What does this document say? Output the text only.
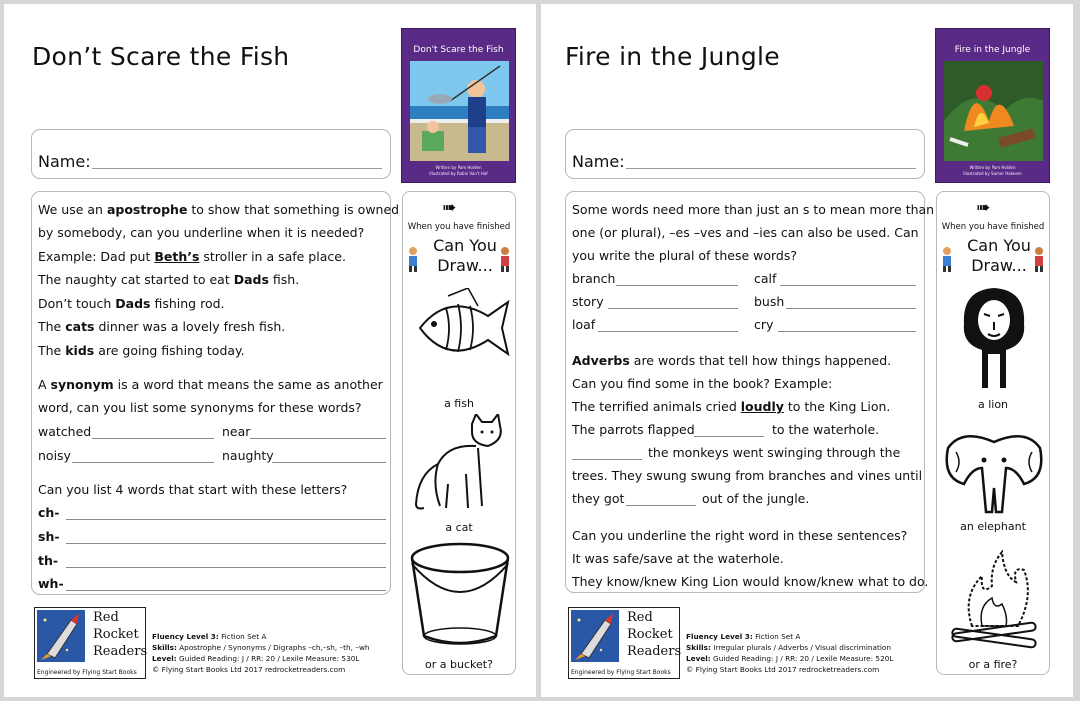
Don’t Scare the Fish	Don't Scare the Fish
Written by Pam Holden
Illustrated by Robin Van't Hof
Name:
We use an apostrophe to show that something is owned
by somebody, can you underline when it is needed?
Example: Dad put Beth’s stroller in a safe place.
The naughty cat started to eat Dads fish.
Don’t touch Dads fishing rod.
The cats dinner was a lovely fresh fish.
The kids are going fishing today.
A synonym is a word that means the same as another
word, can you list some synonyms for these words?
watched	near
noisy	naughty
Can you list 4 words that start with these letters?
ch-
sh-
th-
wh-
➠
When you have finished
Can You
Draw...
a fish
a cat
or a bucket?
Red
Rocket
Readers
Engineered by Flying Start Books
Fluency Level 3: Fiction Set A
Skills: Apostrophe / Synonyms / Digraphs –ch,–sh, –th, –wh
Level: Guided Reading: J / RR: 20 / Lexile Measure: 530L
© Flying Start Books Ltd 2017 redrocketreaders.com
Fire in the Jungle	Fire in the Jungle
Written by Pam Holden
Illustrated by Samer Hakeem
Name:
Some words need more than just an s to mean more than
one (or plural), –es –ves and –ies can also be used. Can
you write the plural of these words?
branch	calf
story	bush
loaf	cry
Adverbs are words that tell how things happened.
Can you find some in the book? Example:
The terrified animals cried loudly to the King Lion.
The parrots flapped	to the waterhole.
the monkeys went swinging through the
trees. They swung swung from branches and vines until
they got	out of the jungle.
Can you underline the right word in these sentences?
It was safe/save at the waterhole.
They know/knew King Lion would know/knew what to do.
➠
When you have finished
Can You
Draw...
a lion
an elephant
or a fire?
Red
Rocket
Readers
Engineered by Flying Start Books
Fluency Level 3: Fiction Set A
Skills: Irregular plurals / Adverbs / Visual discrimination
Level: Guided Reading: J / RR: 20 / Lexile Measure: 520L
© Flying Start Books Ltd 2017 redrocketreaders.com
